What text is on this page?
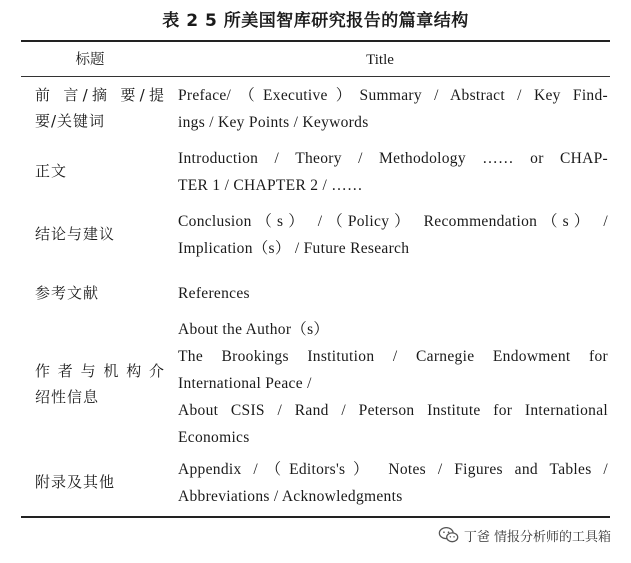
表 2 5 所美国智库研究报告的篇章结构
标题	Title
前 言/摘 要/提
要/关键词
Preface/（Executive）Summary / Abstract / Key Find-
ings / Key Points / Keywords
正文
Introduction / Theory / Methodology …… or CHAP-
TER 1 / CHAPTER 2 / ……
结论与建议
Conclusion（s） /（Policy） Recommendation（s） /
Implication（s） / Future Research
参考文献	References
作者与机构介
绍性信息
About the Author（s）
The Brookings Institution / Carnegie Endowment for
International Peace /
About CSIS / Rand / Peterson Institute for International
Economics
附录及其他
Appendix /（Editors's） Notes / Figures and Tables /
Abbreviations / Acknowledgments
丁爸 情报分析师的工具箱
